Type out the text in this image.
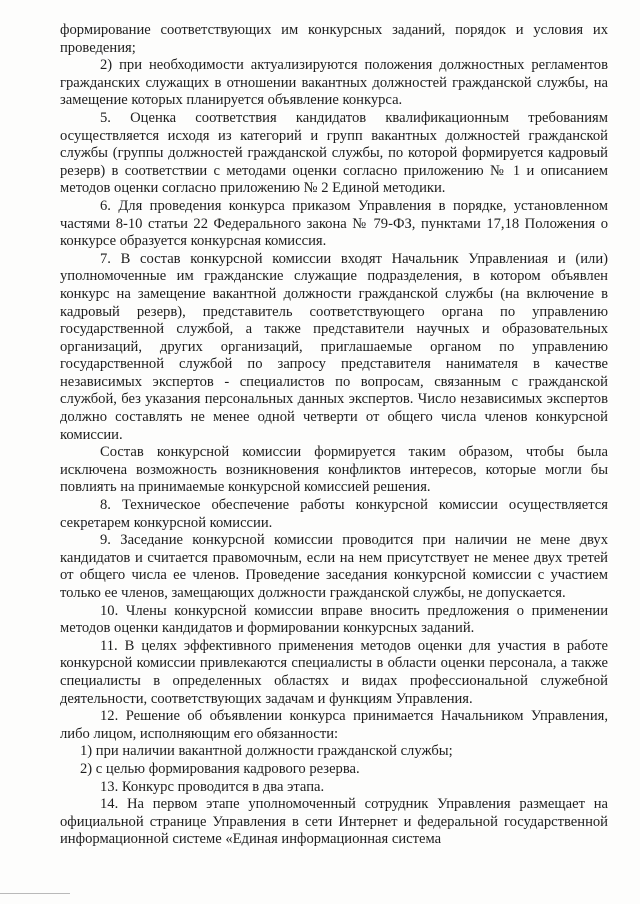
формирование соответствующих им конкурсных заданий, порядок и условия их проведения;

2) при необходимости актуализируются положения должностных регламентов гражданских служащих в отношении вакантных должностей гражданской службы, на замещение которых планируется объявление конкурса.

5. Оценка соответствия кандидатов квалификационным требованиям осуществляется исходя из категорий и групп вакантных должностей гражданской службы (группы должностей гражданской службы, по которой формируется кадровый резерв) в соответствии с методами оценки согласно приложению № 1 и описанием методов оценки согласно приложению № 2 Единой методики.

6. Для проведения конкурса приказом Управления в порядке, установленном частями 8-10 статьи 22 Федерального закона № 79-ФЗ, пунктами 17,18 Положения о конкурсе образуется конкурсная комиссия.

7. В состав конкурсной комиссии входят Начальник Управлениая и (или) уполномоченные им гражданские служащие подразделения, в котором объявлен конкурс на замещение вакантной должности гражданской службы (на включение в кадровый резерв), представитель соответствующего органа по управлению государственной службой, а также представители научных и образовательных организаций, других организаций, приглашаемые органом по управлению государственной службой по запросу представителя нанимателя в качестве независимых экспертов - специалистов по вопросам, связанным с гражданской службой, без указания персональных данных экспертов. Число независимых экспертов должно составлять не менее одной четверти от общего числа членов конкурсной комиссии.

Состав конкурсной комиссии формируется таким образом, чтобы была исключена возможность возникновения конфликтов интересов, которые могли бы повлиять на принимаемые конкурсной комиссией решения.

8. Техническое обеспечение работы конкурсной комиссии осуществляется секретарем конкурсной комиссии.

9. Заседание конкурсной комиссии проводится при наличии не мене двух кандидатов и считается правомочным, если на нем присутствует не менее двух третей от общего числа ее членов. Проведение заседания конкурсной комиссии с участием только ее членов, замещающих должности гражданской службы, не допускается.

10. Члены конкурсной комиссии вправе вносить предложения о применении методов оценки кандидатов и формировании конкурсных заданий.

11. В целях эффективного применения методов оценки для участия в работе конкурсной комиссии привлекаются специалисты в области оценки персонала, а также специалисты в определенных областях и видах профессиональной служебной деятельности, соответствующих задачам и функциям Управления.

12. Решение об объявлении конкурса принимается Начальником Управления, либо лицом, исполняющим его обязанности:

1) при наличии вакантной должности гражданской службы;

2) с целью формирования кадрового резерва.

13. Конкурс проводится в два этапа.

14. На первом этапе уполномоченный сотрудник Управления размещает на официальной странице Управления в сети Интернет и федеральной государственной информационной системе «Единая информационная система
